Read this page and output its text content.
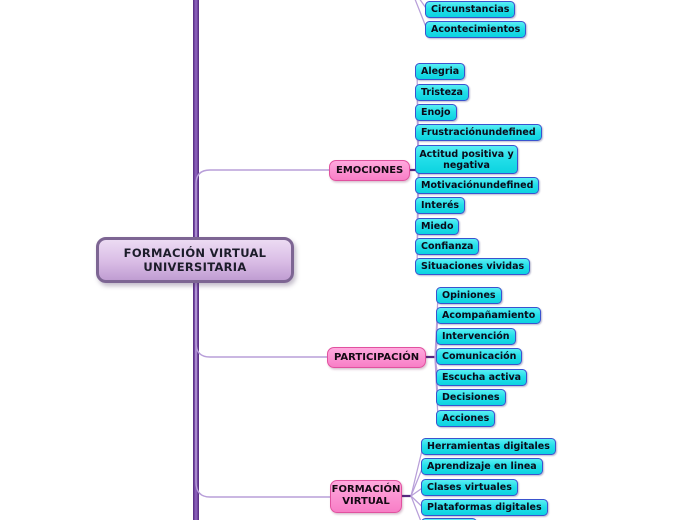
FORMACIÓN VIRTUAL UNIVERSITARIA
Circunstancias
Acontecimientos
EMOCIONES
Alegria
Tristeza
Enojo
Frustraciónundefined
Actitud positiva y negativa
Motivaciónundefined
Interés
Miedo
Confianza
Situaciones vividas
PARTICIPACIÓN
Opiniones
Acompañamiento
Intervención
Comunicación
Escucha activa
Decisiones
Acciones
FORMACIÓN VIRTUAL
Herramientas digitales
Aprendizaje en linea
Clases virtuales
Plataformas digitales
